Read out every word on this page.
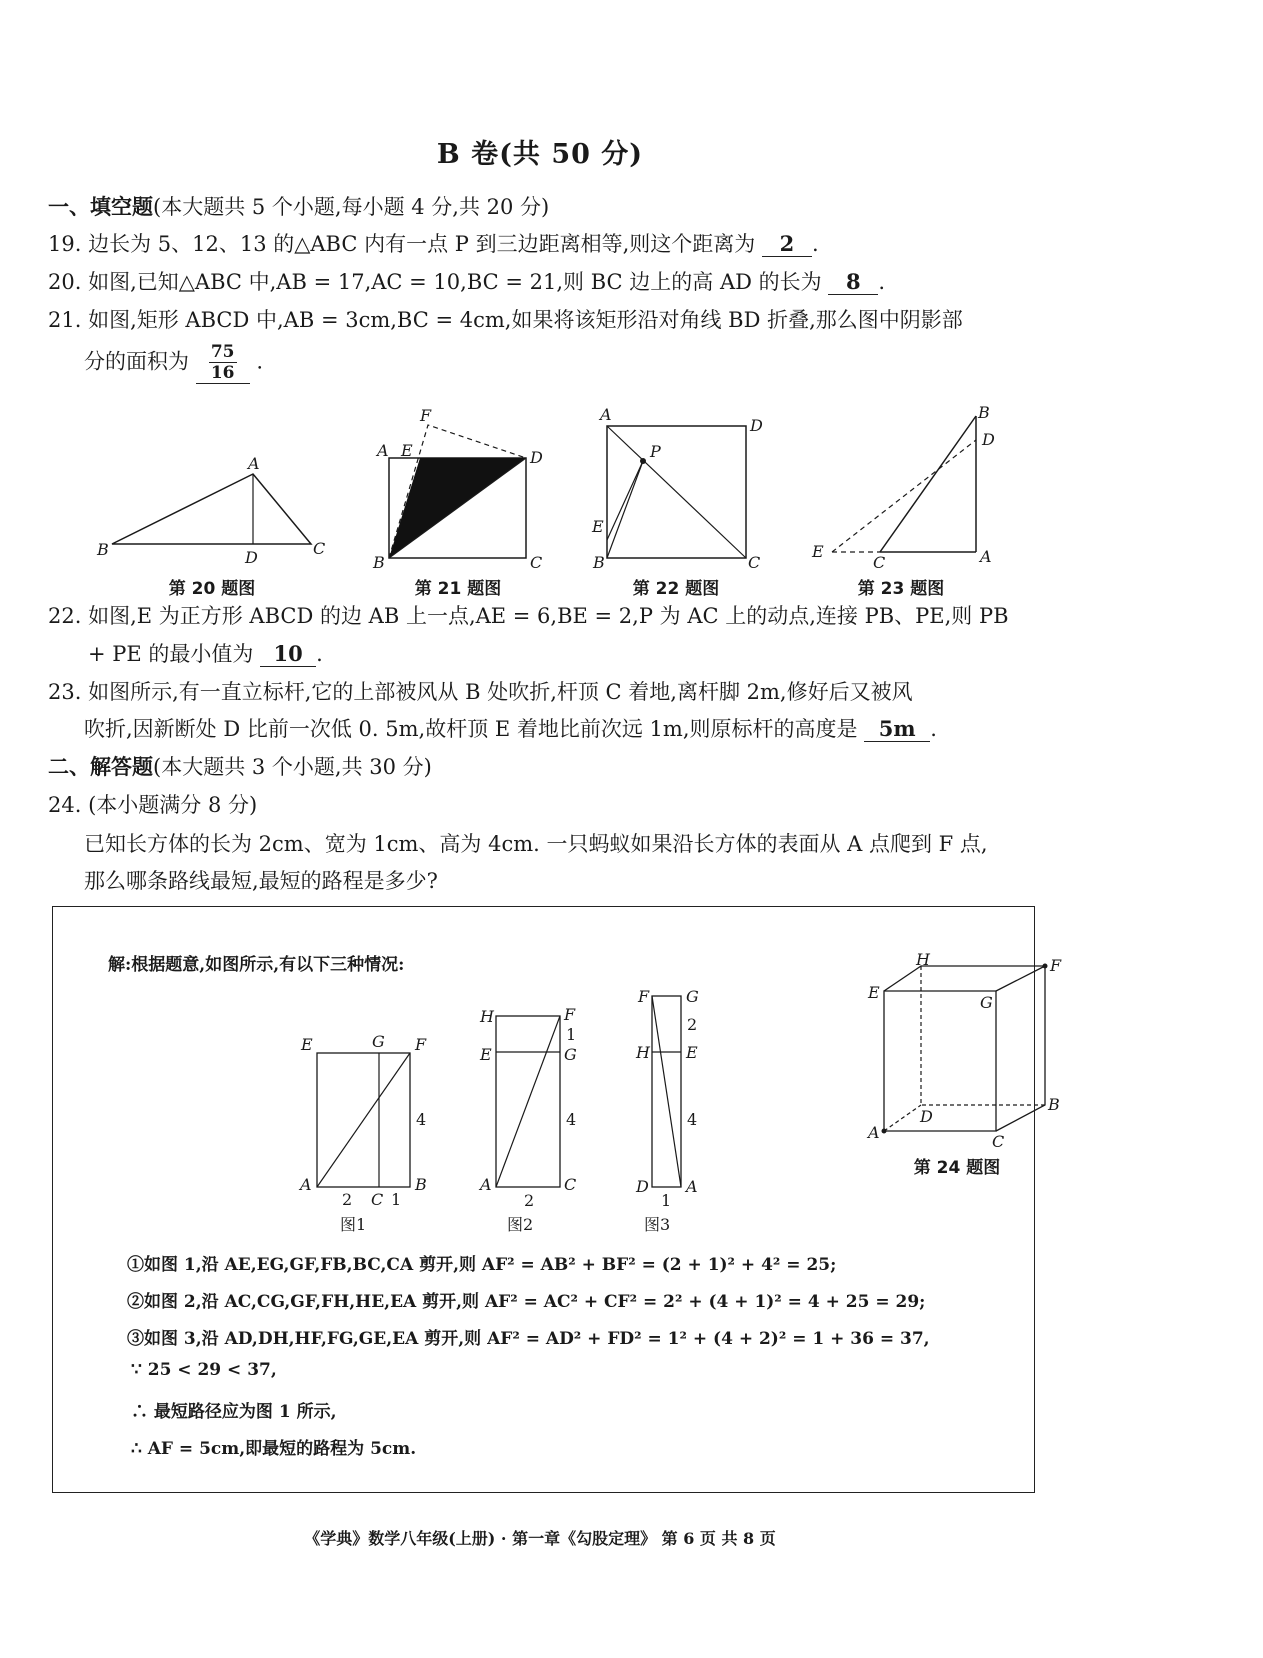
B 卷(共 50 分)
一、填空题(本大题共 5 个小题,每小题 4 分,共 20 分)
19. 边长为 5、12、13 的△ABC 内有一点 P 到三边距离相等,则这个距离为 2 .
20. 如图,已知△ABC 中,AB = 17,AC = 10,BC = 21,则 BC 边上的高 AD 的长为 8 .
21. 如图,矩形 ABCD 中,AB = 3cm,BC = 4cm,如果将该矩形沿对角线 BD 折叠,那么图中阴影部
分的面积为 $\frac{75}{16}$ .
A
B	C
D
F
A E	D
B	C
A
D
P
E
B	C
B
D
E
C	A
第 20 题图	第 21 题图	第 22 题图	第 23 题图
22. 如图,E 为正方形 ABCD 的边 AB 上一点,AE = 6,BE = 2,P 为 AC 上的动点,连接 PB、PE,则 PB
+ PE 的最小值为 10 .
23. 如图所示,有一直立标杆,它的上部被风从 B 处吹折,杆顶 C 着地,离杆脚 2m,修好后又被风
吹折,因新断处 D 比前一次低 0. 5m,故杆顶 E 着地比前次远 1m,则原标杆的高度是 5m .
二、解答题(本大题共 3 个小题,共 30 分)
24. (本小题满分 8 分)
已知长方体的长为 2cm、宽为 1cm、高为 4cm. 一只蚂蚁如果沿长方体的表面从 A 点爬到 F 点,
那么哪条路线最短,最短的路程是多少?
解:根据题意,如图所示,有以下三种情况:
E	G F
A
C
B
4
2 1
H	F
E	G
A	C
1
4
2
F G
H E
D A
2
4
1
H	F
E
G
D
B
A	C
第 24 题图
图1	图2	图3
①如图 1,沿 AE,EG,GF,FB,BC,CA 剪开,则 AF² = AB² + BF² = (2 + 1)² + 4² = 25;
②如图 2,沿 AC,CG,GF,FH,HE,EA 剪开,则 AF² = AC² + CF² = 2² + (4 + 1)² = 4 + 25 = 29;
③如图 3,沿 AD,DH,HF,FG,GE,EA 剪开,则 AF² = AD² + FD² = 1² + (4 + 2)² = 1 + 36 = 37,
∵ 25 < 29 < 37,
∴ 最短路径应为图 1 所示,
∴ AF = 5cm,即最短的路程为 5cm.
《学典》数学八年级(上册) · 第一章《勾股定理》 第 6 页 共 8 页
